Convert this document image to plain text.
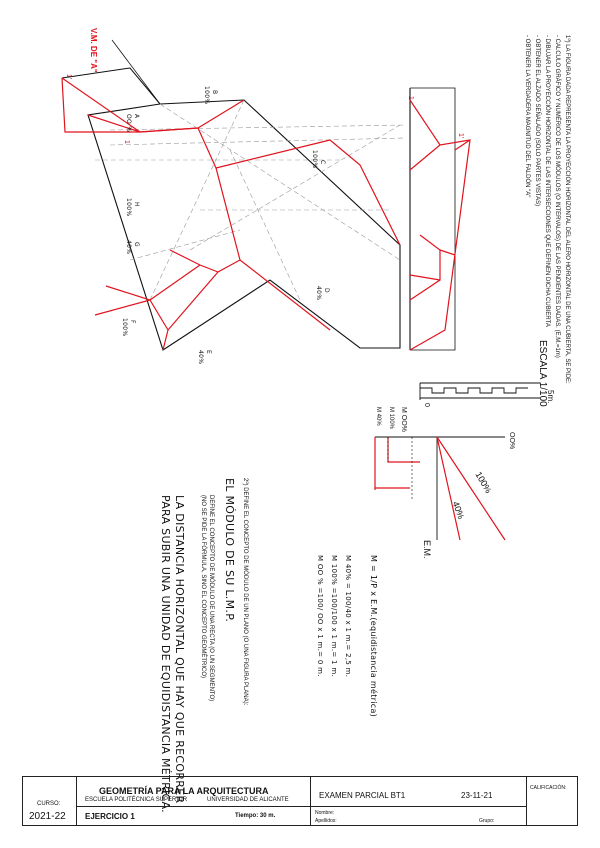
1º) LA FIGURA DADA REPRESENTA LA PROYECCIÓN HORIZONTAL DEL ALERO HORIZONTAL DE UNA CUBIERTA, SE PIDE:
- CALCULO GRÁFICO Y NUMÉRICO DE LOS MÓDULOS (O INTERVALOS) DE LAS PENDIENTES DADAS. (E.M.=1m)
- DIBUJAR LA PROYECCIÓN HORIZONTAL DE LAS INTERSECCIONES QUE DEFINEN DICHA CUBIERTA
- OBTENER EL ALZADO SEÑALADO (SOLO PARTES VISTAS)
- OBTENER LA VERDADERA MAGNITUD DEL FALDÓN "A"
ESCALA 1/100
0
5m.
V.M. DE "A"
B
100%
A
OO %
H
100%
G
40%
F
100%
E
40%
D
40%
C
100%
1
1'
1'
1
M OO%
M 100%
M 40%
OO%
100%
40%
E.M.
M = 1/P x E.M.(equidistancia métrica)
M 40% = 100/40 x 1 m.= 2,5 m.
M 100% =100/100 x 1 m.= 1 m.
M OO % =100/ OO x 1 m.= 0 m.
2º) DEFINE EL CONCEPTO DE MÓDULO DE UN PLANO (O UNA FIGURA PLANA):
EL MÓDULO DE SU L.M.P.
DEFINE EL CONCEPTO DE MÓDULO DE UNA RECTA (O UN SEGMENTO)
(NO SE PIDE LA FÓRMULA, SINO EL CONCEPTO GEOMÉTRICO)
LA DISTANCIA HORIZONTAL QUE HAY QUE RECORRER
PARA SUBIR UNA UNIDAD DE EQUIDISTANCIA MÉTRICA.
CURSO:
2021-22
GEOMETRÍA PARA LA ARQUITECTURA
ESCUELA POLITÉCNICA SUPERIOR	UNIVERSIDAD DE ALICANTE
EJERCICIO 1	Tiempo: 30 m.
EXAMEN PARCIAL BT1	23-11-21
Nombre:
Apellidos:	Grupo:
CALIFICACIÓN:
